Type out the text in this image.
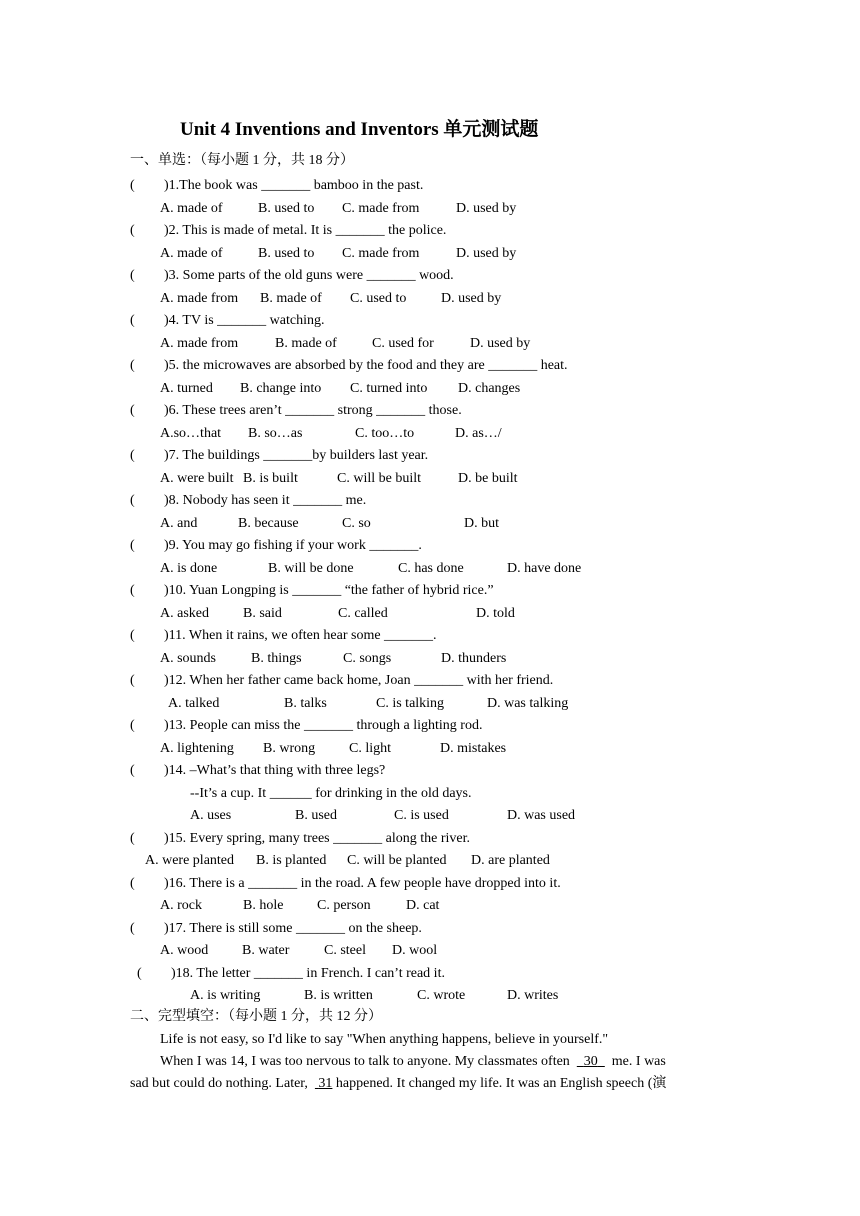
Unit 4 Inventions and Inventors 单元测试题
一、单选：（每小题 1 分，共 18 分）
( )1.The book was _______ bamboo in the past.
A. made of	B. used to C. made from	D. used by
( )2. This is made of metal. It is _______ the police.
A. made of	B. used to C. made from	D. used by
( )3. Some parts of the old guns were _______ wood.
A. made from B. made of C. used to D. used by
( )4. TV is _______ watching.
A. made from	B. made of	C. used for	D. used by
( )5. the microwaves are absorbed by the food and they are _______ heat.
A. turned B. change into C. turned into D. changes
( )6. These trees aren’t _______ strong _______ those.
A.so…that B. so…as	C. too…to	D. as…/
( )7. The buildings _______by builders last year.
A. were built B. is built	C. will be built	D. be built
( )8. Nobody has seen it _______ me.
A. and	B. because	C. so	D. but
( )9. You may go fishing if your work _______.
A. is done	B. will be done	C. has done	D. have done
( )10. Yuan Longping is _______ “the father of hybrid rice.”
A. asked B. said	C. called	D. told
( )11. When it rains, we often hear some _______.
A. sounds B. things	C. songs	D. thunders
( )12. When her father came back home, Joan _______ with her friend.
A. talked	B. talks	C. is talking	D. was talking
( )13. People can miss the _______ through a lighting rod.
A. lightening B. wrong C. light	D. mistakes
( )14. –What’s that thing with three legs?
--It’s a cup. It ______ for drinking in the old days.
A. uses	B. used	C. is used	D. was used
( )15. Every spring, many trees _______ along the river.
A. were planted B. is planted C. will be planted D. are planted
( )16. There is a _______ in the road. A few people have dropped into it.
A. rock	B. hole C. person	D. cat
( )17. There is still some _______ on the sheep.
A. wood B. water C. steel D. wool
( )18. The letter _______ in French. I can’t read it.
A. is writing	B. is written	C. wrote	D. writes
二、完型填空：（每小题 1 分，共 12 分）
Life is not easy, so I'd like to say "When anything happens, believe in yourself."
When I was 14, I was too nervous to talk to anyone. My classmates often 30 me. I was
sad but could do nothing. Later, 31 happened. It changed my life. It was an English speech (演
